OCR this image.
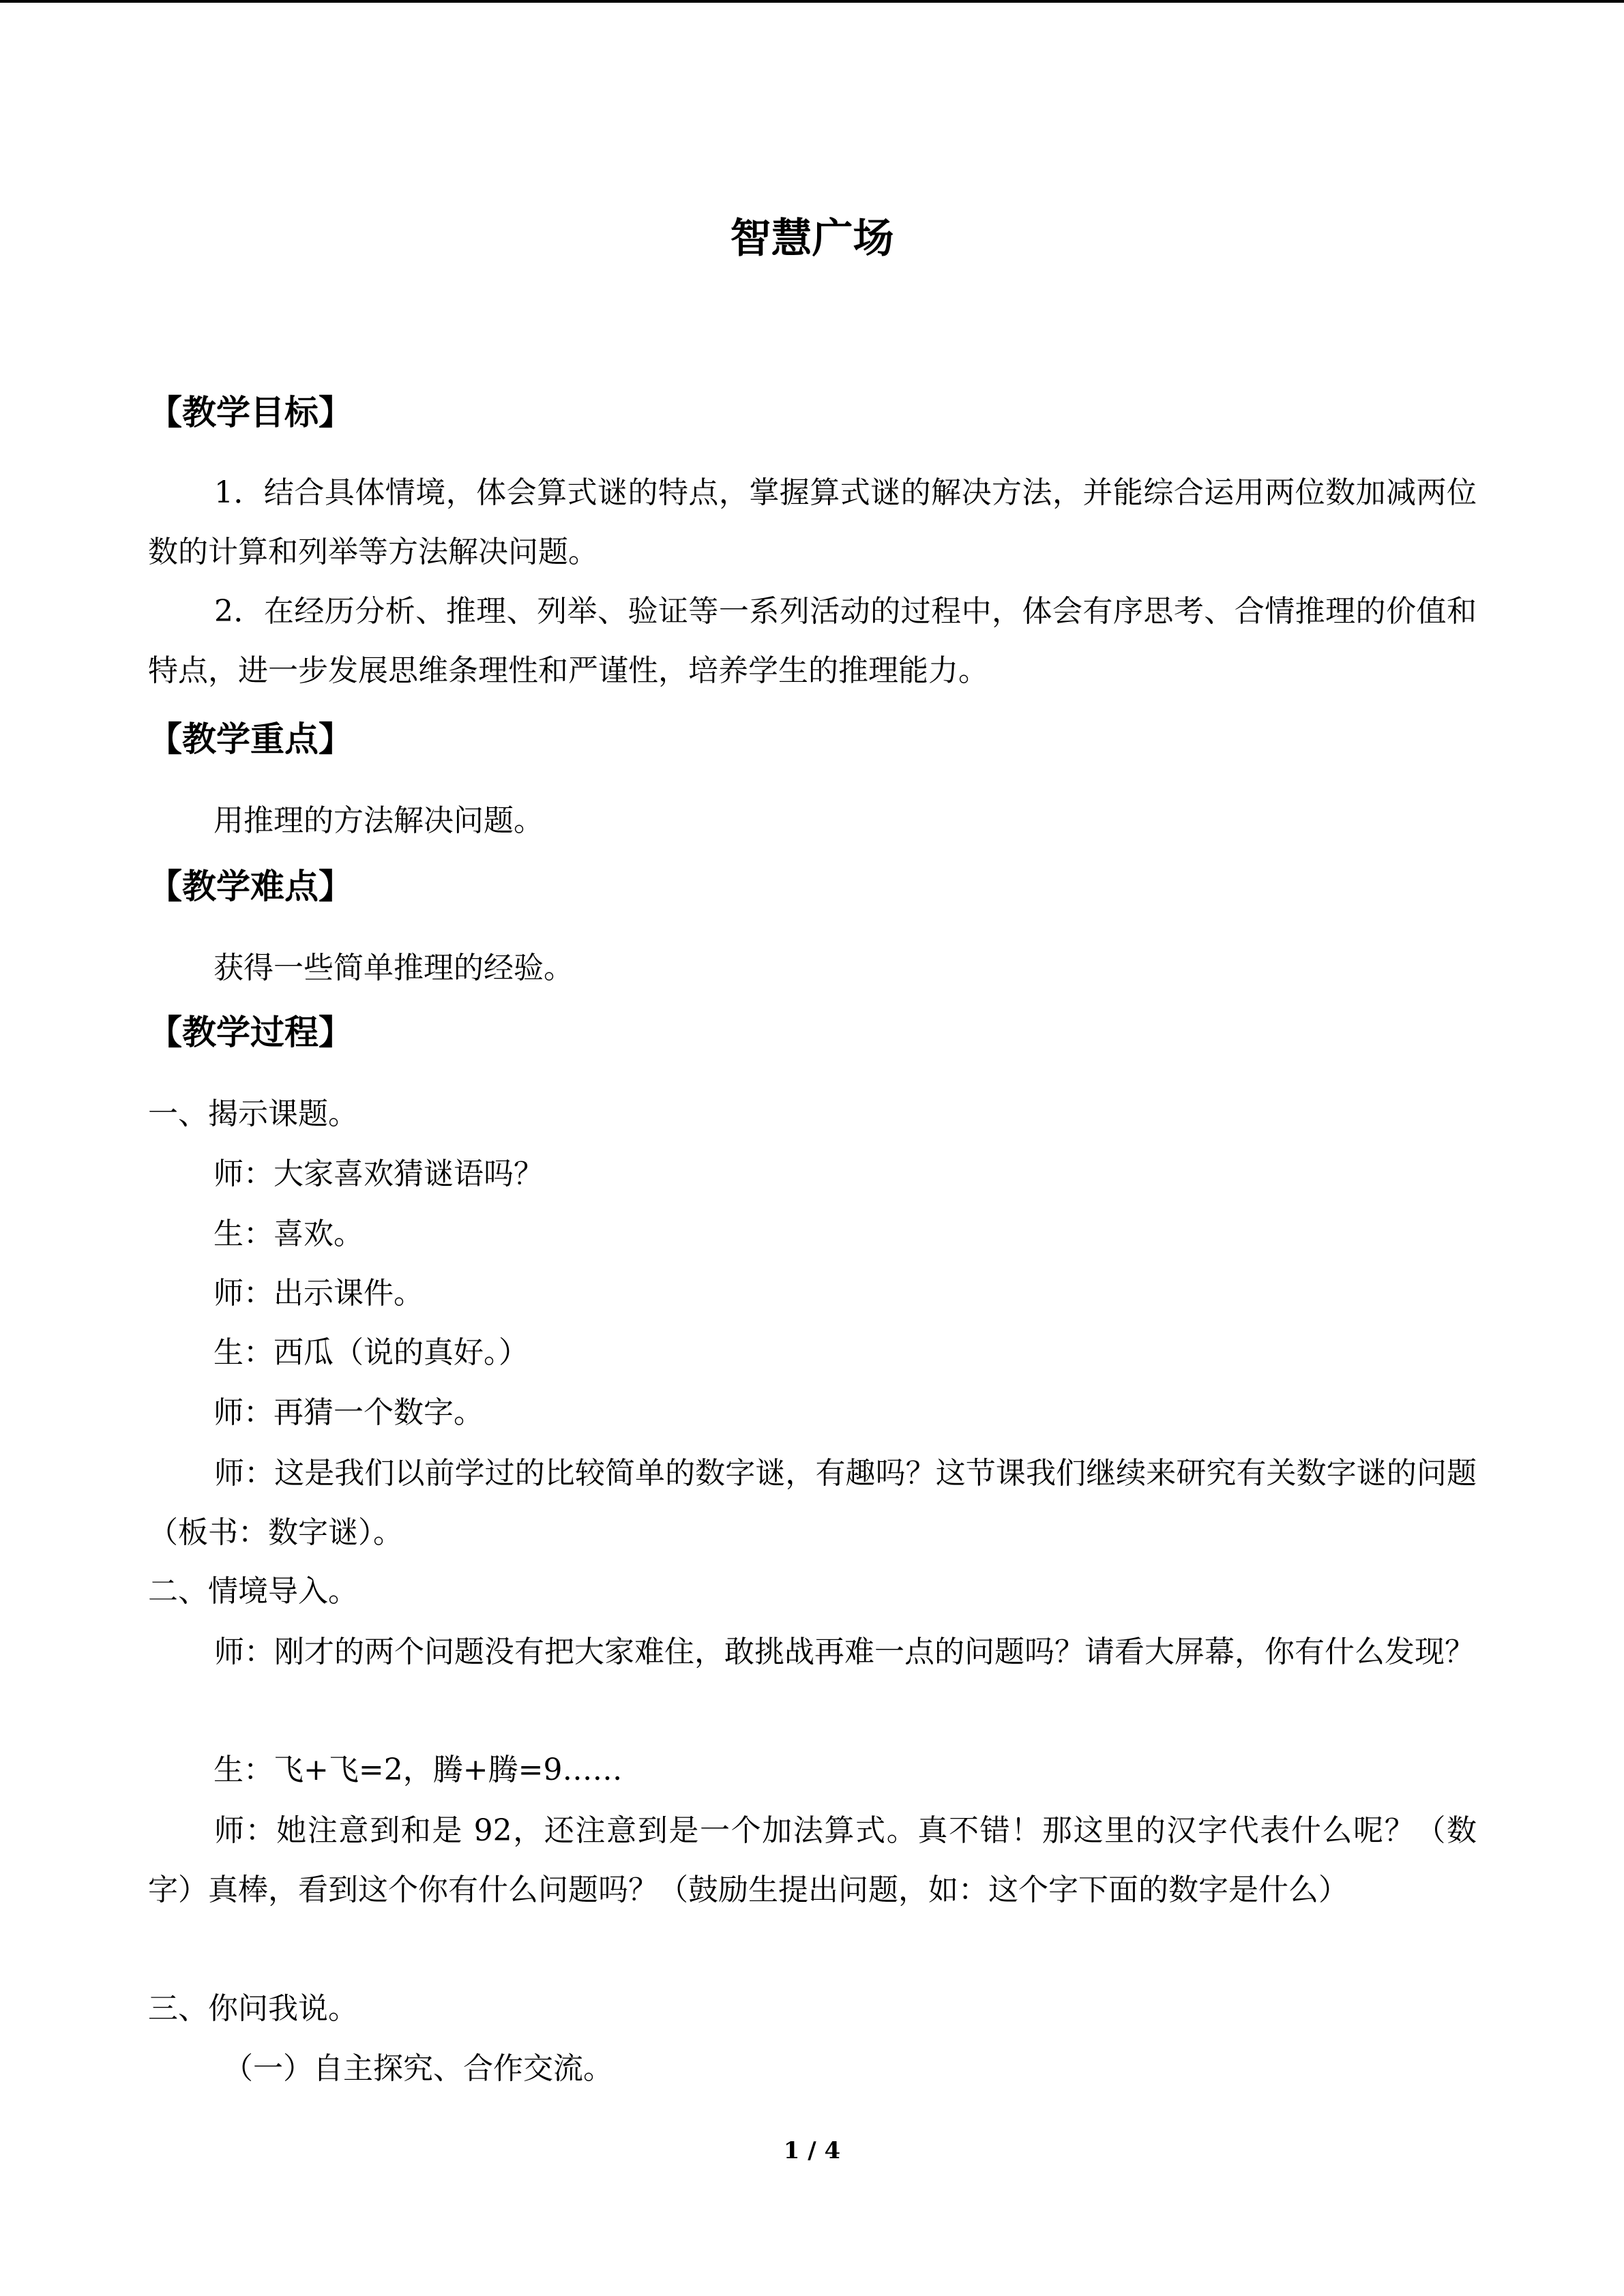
智慧广场
【教学目标】
1．结合具体情境，体会算式谜的特点，掌握算式谜的解决方法，并能综合运用两位数加减两位数的计算和列举等方法解决问题。
2．在经历分析、推理、列举、验证等一系列活动的过程中，体会有序思考、合情推理的价值和特点，进一步发展思维条理性和严谨性，培养学生的推理能力。
【教学重点】
用推理的方法解决问题。
【教学难点】
获得一些简单推理的经验。
【教学过程】
一、揭示课题。
师：大家喜欢猜谜语吗？
生：喜欢。
师：出示课件。
生：西瓜（说的真好。）
师：再猜一个数字。
师：这是我们以前学过的比较简单的数字谜，有趣吗？这节课我们继续来研究有关数字谜的问题（板书：数字谜）。
二、情境导入。
师：刚才的两个问题没有把大家难住，敢挑战再难一点的问题吗？请看大屏幕，你有什么发现？
生：飞+飞=2，腾+腾=9……
师：她注意到和是 92，还注意到是一个加法算式。真不错！那这里的汉字代表什么呢？（数字）真棒，看到这个你有什么问题吗？（鼓励生提出问题，如：这个字下面的数字是什么）
三、你问我说。
（一）自主探究、合作交流。
1 / 4
